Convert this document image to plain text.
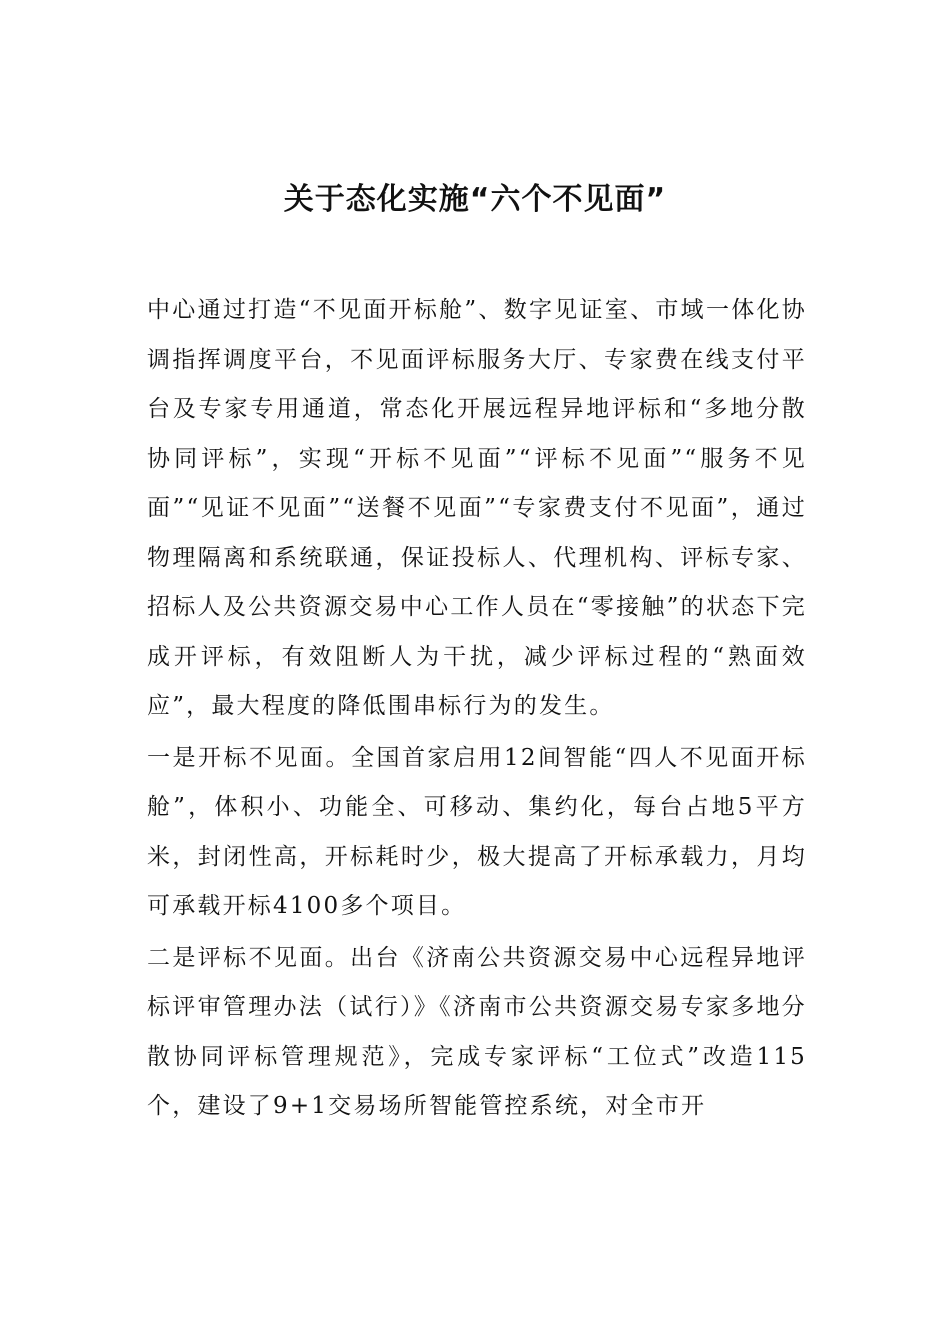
关于态化实施“六个不见面”

中心通过打造“不见面开标舱”、数字见证室、市域一体化协调指挥调度平台，不见面评标服务大厅、专家费在线支付平台及专家专用通道，常态化开展远程异地评标和“多地分散协同评标”，实现“开标不见面”“评标不见面”“服务不见面”“见证不见面”“送餐不见面”“专家费支付不见面”，通过物理隔离和系统联通，保证投标人、代理机构、评标专家、招标人及公共资源交易中心工作人员在“零接触”的状态下完成开评标，有效阻断人为干扰，减少评标过程的“熟面效应”，最大程度的降低围串标行为的发生。

一是开标不见面。全国首家启用12间智能“四人不见面开标舱”，体积小、功能全、可移动、集约化，每台占地5平方米，封闭性高，开标耗时少，极大提高了开标承载力，月均可承载开标4100多个项目。

二是评标不见面。出台《济南公共资源交易中心远程异地评标评审管理办法（试行）》《济南市公共资源交易专家多地分散协同评标管理规范》，完成专家评标“工位式”改造115个，建设了9+1交易场所智能管控系统，对全市开
